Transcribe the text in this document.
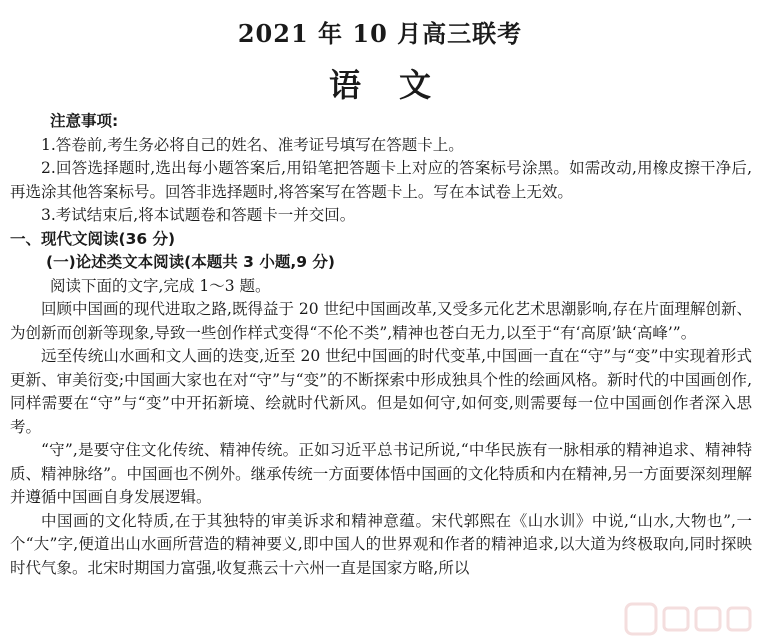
2021 年 10 月高三联考
语文

注意事项:

1.答卷前,考生务必将自己的姓名、准考证号填写在答题卡上。

2.回答选择题时,选出每小题答案后,用铅笔把答题卡上对应的答案标号涂黑。如需改动,用橡皮擦干净后,再选涂其他答案标号。回答非选择题时,将答案写在答题卡上。写在本试卷上无效。

3.考试结束后,将本试题卷和答题卡一并交回。

一、现代文阅读(36 分)

(一)论述类文本阅读(本题共 3 小题,9 分)

阅读下面的文字,完成 1～3 题。

回顾中国画的现代进取之路,既得益于 20 世纪中国画改革,又受多元化艺术思潮影响,存在片面理解创新、为创新而创新等现象,导致一些创作样式变得“不伦不类”,精神也苍白无力,以至于“有‘高原’缺‘高峰’”。

远至传统山水画和文人画的迭变,近至 20 世纪中国画的时代变革,中国画一直在“守”与“变”中实现着形式更新、审美衍变;中国画大家也在对“守”与“变”的不断探索中形成独具个性的绘画风格。新时代的中国画创作,同样需要在“守”与“变”中开拓新境、绘就时代新风。但是如何守,如何变,则需要每一位中国画创作者深入思考。

“守”,是要守住文化传统、精神传统。正如习近平总书记所说,“中华民族有一脉相承的精神追求、精神特质、精神脉络”。中国画也不例外。继承传统一方面要体悟中国画的文化特质和内在精神,另一方面要深刻理解并遵循中国画自身发展逻辑。

中国画的文化特质,在于其独特的审美诉求和精神意蕴。宋代郭熙在《山水训》中说,“山水,大物也”,一个“大”字,便道出山水画所营造的精神要义,即中国人的世界观和作者的精神追求,以大道为终极取向,同时探映时代气象。北宋时期国力富强,收复燕云十六州一直是国家方略,所以
